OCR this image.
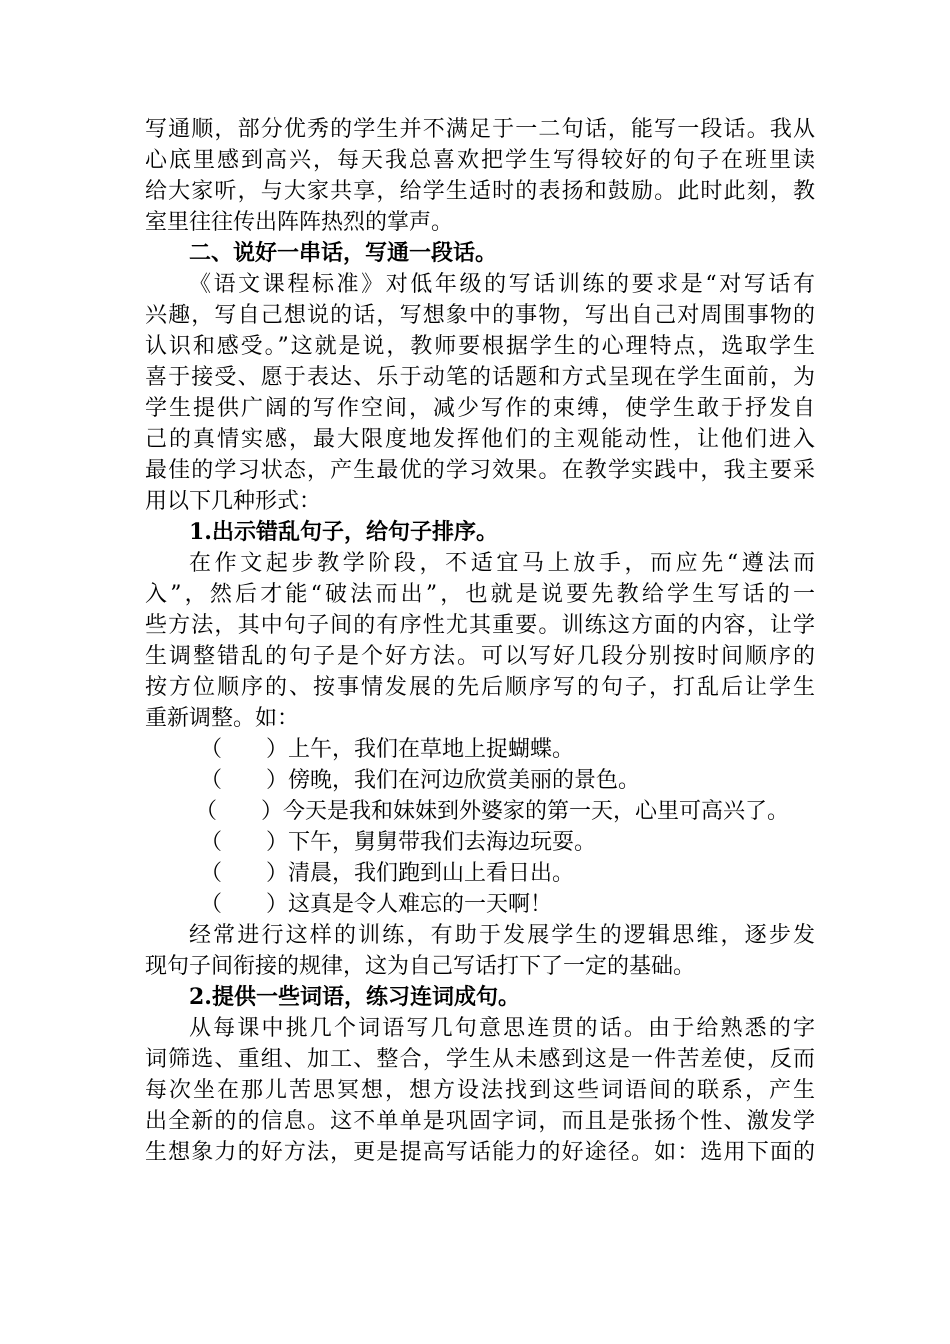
写通顺，部分优秀的学生并不满足于一二句话，能写一段话。我从
心底里感到高兴，每天我总喜欢把学生写得较好的句子在班里读
给大家听，与大家共享，给学生适时的表扬和鼓励。此时此刻，教
室里往往传出阵阵热烈的掌声。
二、说好一串话，写通一段话。
《语文课程标准》对低年级的写话训练的要求是“对写话有
兴趣，写自己想说的话，写想象中的事物，写出自己对周围事物的
认识和感受。”这就是说，教师要根据学生的心理特点，选取学生
喜于接受、愿于表达、乐于动笔的话题和方式呈现在学生面前，为
学生提供广阔的写作空间，减少写作的束缚，使学生敢于抒发自
己的真情实感，最大限度地发挥他们的主观能动性，让他们进入
最佳的学习状态，产生最优的学习效果。在教学实践中，我主要采
用以下几种形式：
1.出示错乱句子，给句子排序。
在作文起步教学阶段，不适宜马上放手，而应先“遵法而
入”，然后才能“破法而出”，也就是说要先教给学生写话的一
些方法，其中句子间的有序性尤其重要。训练这方面的内容，让学
生调整错乱的句子是个好方法。可以写好几段分别按时间顺序的
按方位顺序的、按事情发展的先后顺序写的句子，打乱后让学生
重新调整。如：
（　　）上午，我们在草地上捉蝴蝶。
（　　）傍晚，我们在河边欣赏美丽的景色。
（　　）今天是我和妹妹到外婆家的第一天，心里可高兴了。
（　　）下午，舅舅带我们去海边玩耍。
（　　）清晨，我们跑到山上看日出。
（　　）这真是令人难忘的一天啊！
经常进行这样的训练，有助于发展学生的逻辑思维，逐步发
现句子间衔接的规律，这为自己写话打下了一定的基础。
2.提供一些词语，练习连词成句。
从每课中挑几个词语写几句意思连贯的话。由于给熟悉的字
词筛选、重组、加工、整合，学生从未感到这是一件苦差使，反而
每次坐在那儿苦思冥想，想方设法找到这些词语间的联系，产生
出全新的的信息。这不单单是巩固字词，而且是张扬个性、激发学
生想象力的好方法，更是提高写话能力的好途径。如：选用下面的
